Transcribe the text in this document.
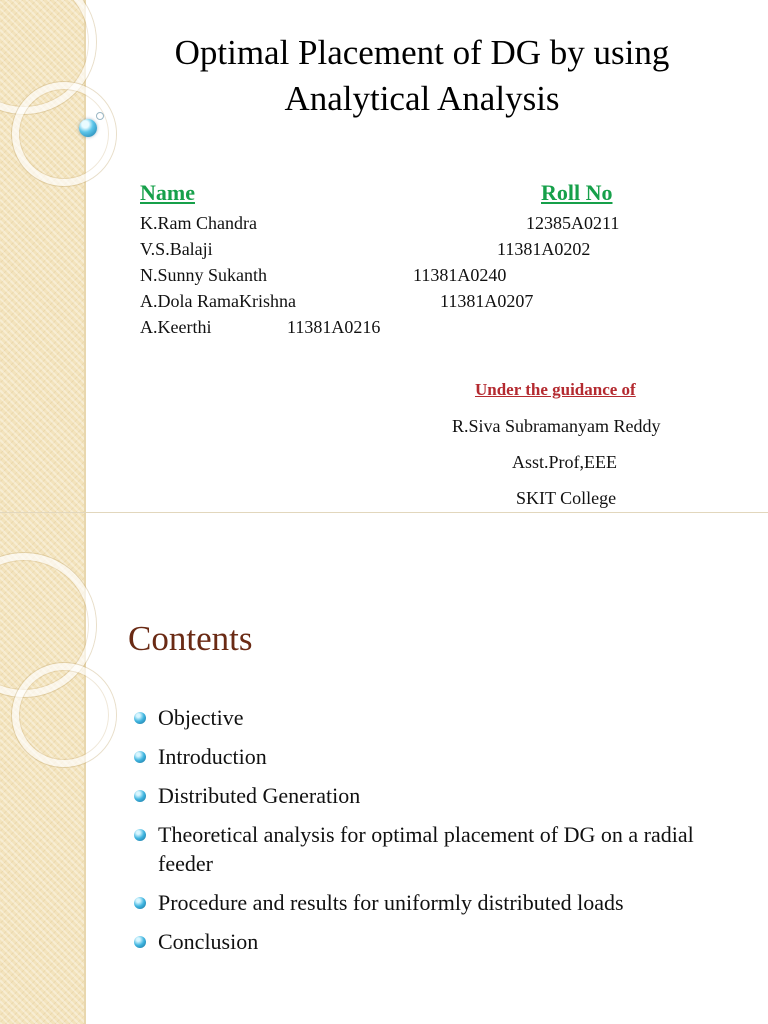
Optimal Placement of DG by using
Analytical Analysis
Name	Roll No
K.Ram Chandra	12385A0211
V.S.Balaji	11381A0202
N.Sunny Sukanth	11381A0240
A.Dola RamaKrishna	11381A0207
A.Keerthi	11381A0216
Under the guidance of
R.Siva Subramanyam Reddy
Asst.Prof,EEE
SKIT College
Contents
Objective
Introduction
Distributed Generation
Theoretical analysis for optimal placement of DG on a radial feeder
Procedure and results for uniformly distributed loads
Conclusion
